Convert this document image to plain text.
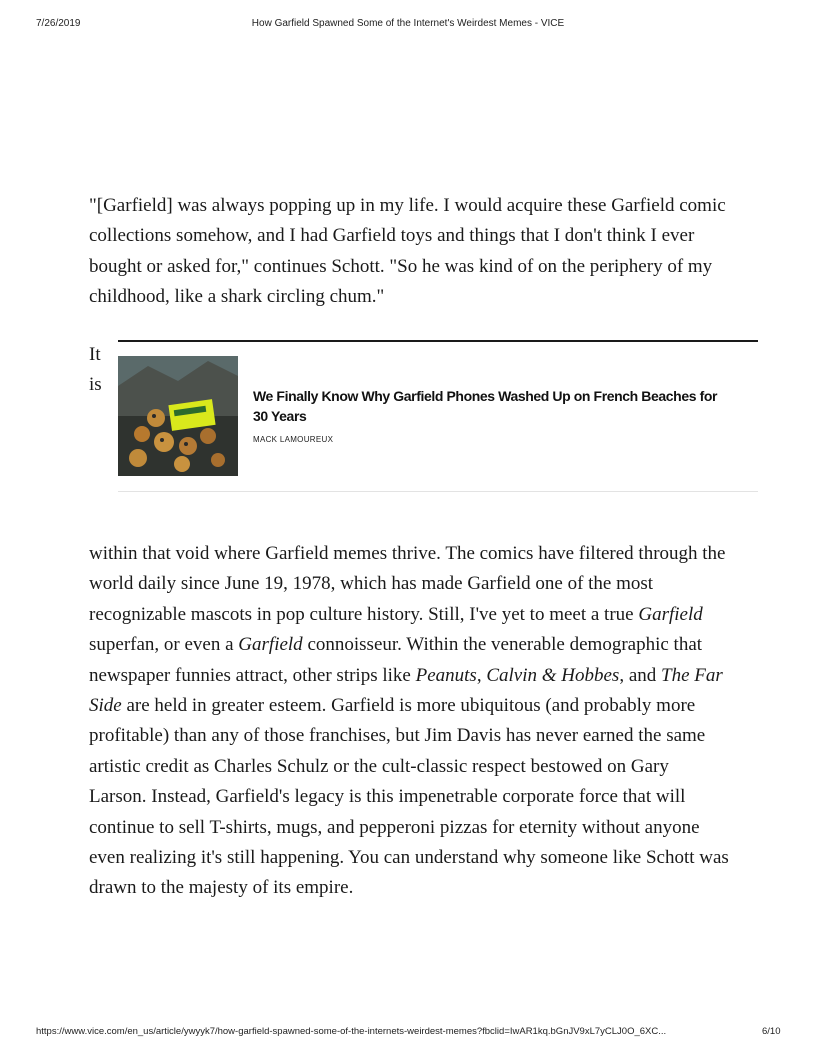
7/26/2019	How Garfield Spawned Some of the Internet's Weirdest Memes - VICE

"[Garfield] was always popping up in my life. I would acquire these Garfield comic collections somehow, and I had Garfield toys and things that I don't think I ever bought or asked for," continues Schott. "So he was kind of on the periphery of my childhood, like a shark circling chum."

It
is
We Finally Know Why Garfield Phones Washed Up on French Beaches for 30 Years
MACK LAMOUREUX

within that void where Garfield memes thrive. The comics have filtered through the world daily since June 19, 1978, which has made Garfield one of the most recognizable mascots in pop culture history. Still, I've yet to meet a true Garfield superfan, or even a Garfield connoisseur. Within the venerable demographic that newspaper funnies attract, other strips like Peanuts, Calvin & Hobbes, and The Far Side are held in greater esteem. Garfield is more ubiquitous (and probably more profitable) than any of those franchises, but Jim Davis has never earned the same artistic credit as Charles Schulz or the cult-classic respect bestowed on Gary Larson. Instead, Garfield's legacy is this impenetrable corporate force that will continue to sell T-shirts, mugs, and pepperoni pizzas for eternity without anyone even realizing it's still happening. You can understand why someone like Schott was drawn to the majesty of its empire.

https://www.vice.com/en_us/article/ywyyk7/how-garfield-spawned-some-of-the-internets-weirdest-memes?fbclid=IwAR1kq.bGnJV9xL7yCLJ0O_6XC...	6/10
